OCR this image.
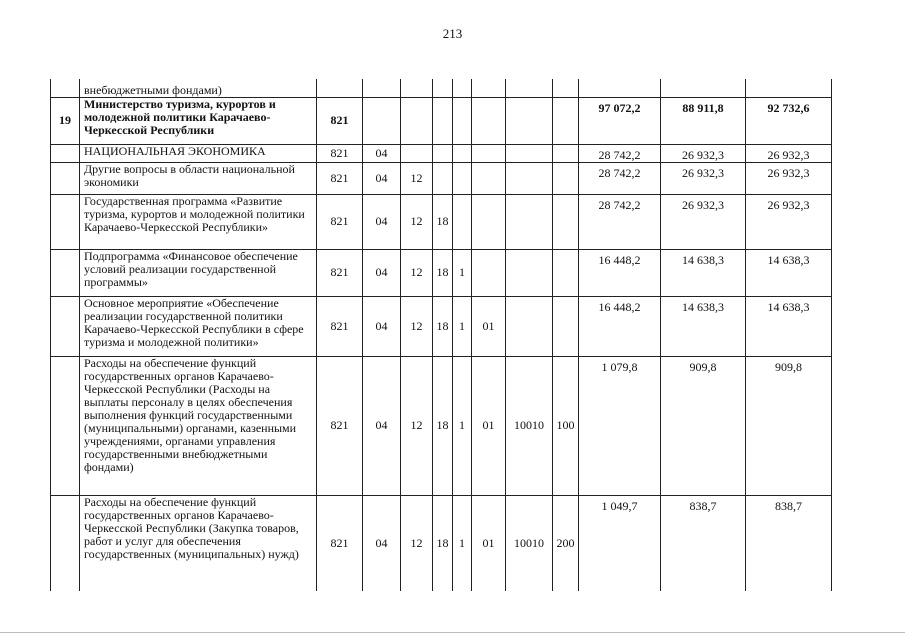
213
	внебюджетными фондами)											
19	Министерство туризма, курортов и молодежной политики Карачаево-Черкесской Республики	821								97 072,2	88 911,8	92 732,6
	НАЦИОНАЛЬНАЯ ЭКОНОМИКА	821	04							28 742,2	26 932,3	26 932,3
	Другие вопросы в области национальной экономики	821	04	12						28 742,2	26 932,3	26 932,3
	Государственная программа «Развитие туризма, курортов и молодежной политики Карачаево-Черкесской Республики»	821	04	12	18					28 742,2	26 932,3	26 932,3
	Подпрограмма «Финансовое обеспечение условий реализации государственной программы»	821	04	12	18	1				16 448,2	14 638,3	14 638,3
	Основное мероприятие «Обеспечение реализации государственной политики Карачаево-Черкесской Республики в сфере туризма и молодежной политики»	821	04	12	18	1	01			16 448,2	14 638,3	14 638,3
	Расходы на обеспечение функций государственных органов Карачаево-Черкесской Республики (Расходы на выплаты персоналу в целях обеспечения выполнения функций государственными (муниципальными) органами, казенными учреждениями, органами управления государственными внебюджетными фондами)	821	04	12	18	1	01	10010	100	1 079,8	909,8	909,8
	Расходы на обеспечение функций государственных органов Карачаево-Черкесской Республики (Закупка товаров, работ и услуг для обеспечения государственных (муниципальных) нужд)	821	04	12	18	1	01	10010	200	1 049,7	838,7	838,7
